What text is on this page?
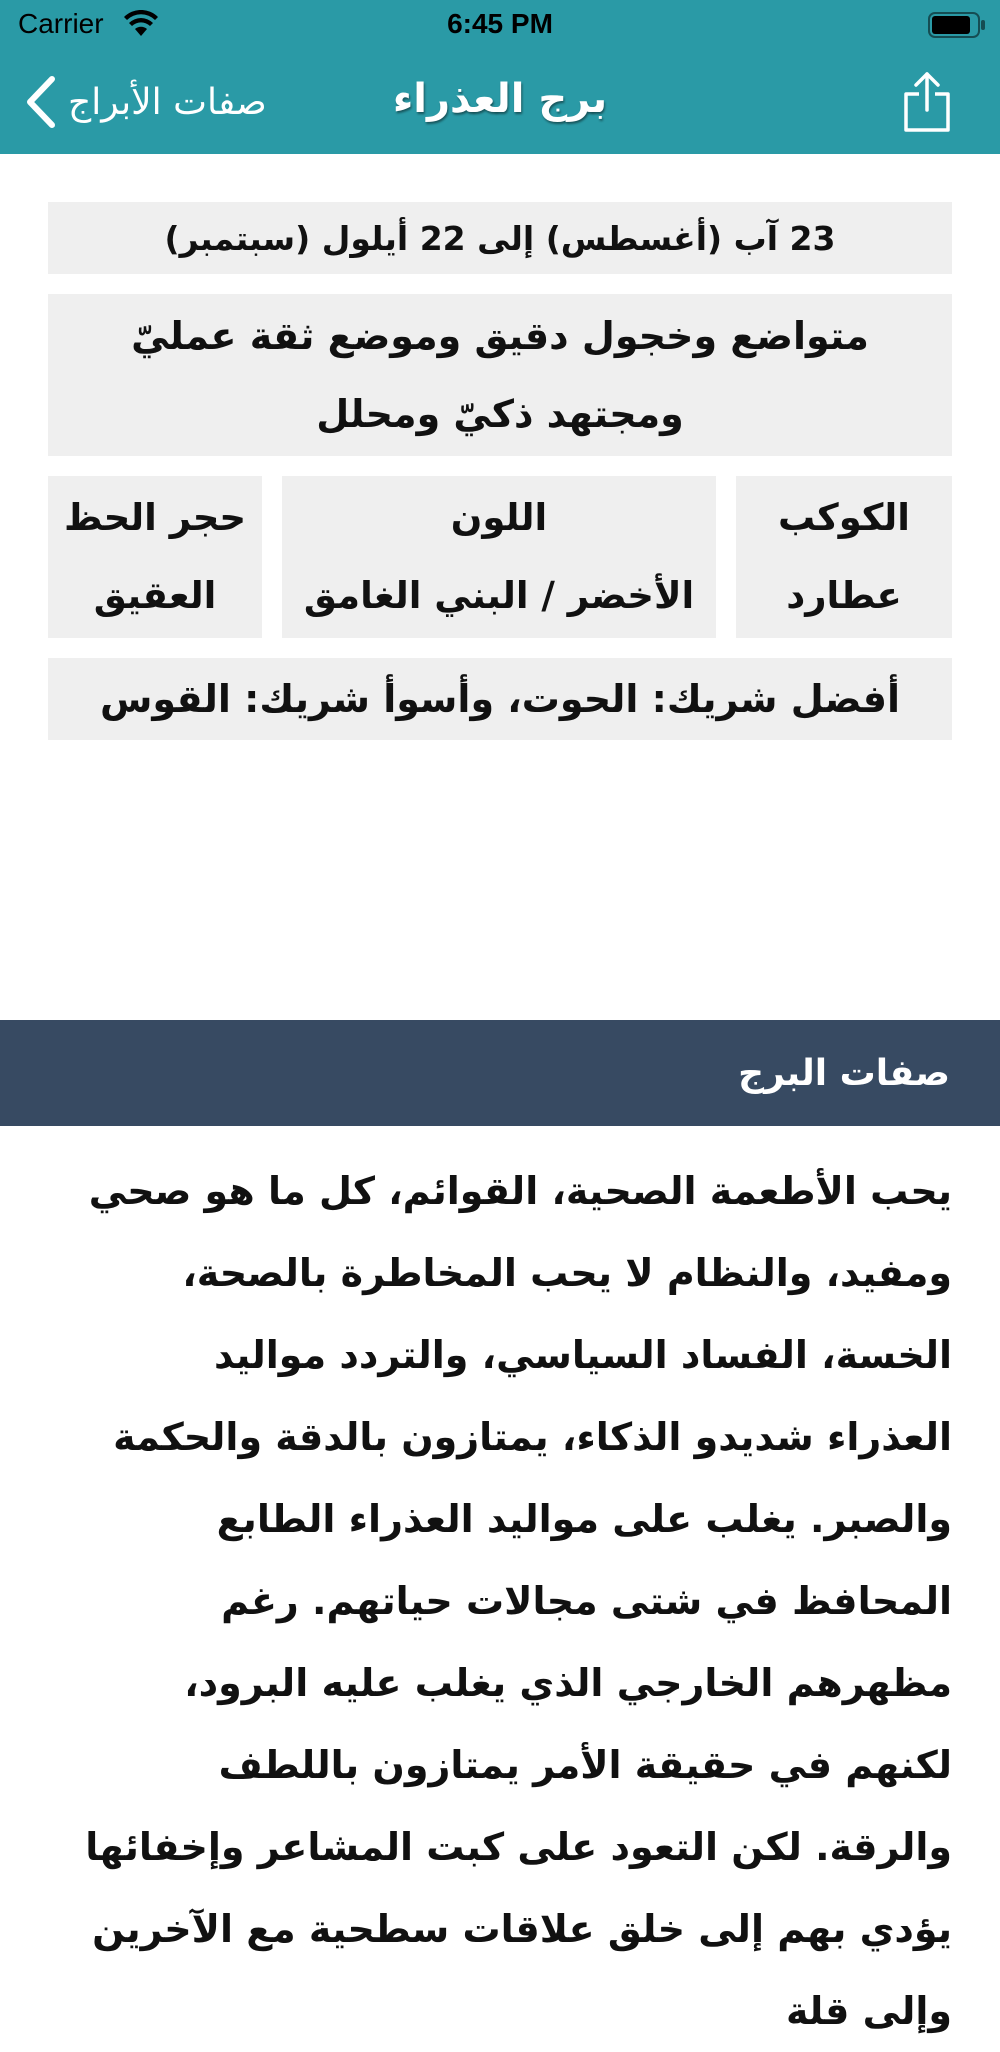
Carrier	6:45 PM
صفات الأبراج	برج العذراء
23 آب (أغسطس) إلى 22 أيلول (سبتمبر)
متواضع وخجول دقيق وموضع ثقة عمليّ ومجتهد ذكيّ ومحلل
الكوكب
عطارد
اللون
الأخضر / البني الغامق
حجر الحظ
العقيق
أفضل شريك: الحوت، وأسوأ شريك: القوس
صفات البرج
يحب الأطعمة الصحية، القوائم، كل ما هو صحي ومفيد، والنظام لا يحب المخاطرة بالصحة، الخسة، الفساد السياسي، والتردد مواليد العذراء شديدو الذكاء، يمتازون بالدقة والحكمة والصبر. يغلب على مواليد العذراء الطابع المحافظ في شتى مجالات حياتهم. رغم مظهرهم الخارجي الذي يغلب عليه البرود، لكنهم في حقيقة الأمر يمتازون باللطف والرقة. لكن التعود على كبت المشاعر وإخفائها يؤدي بهم إلى خلق علاقات سطحية مع الآخرين وإلى قلة
